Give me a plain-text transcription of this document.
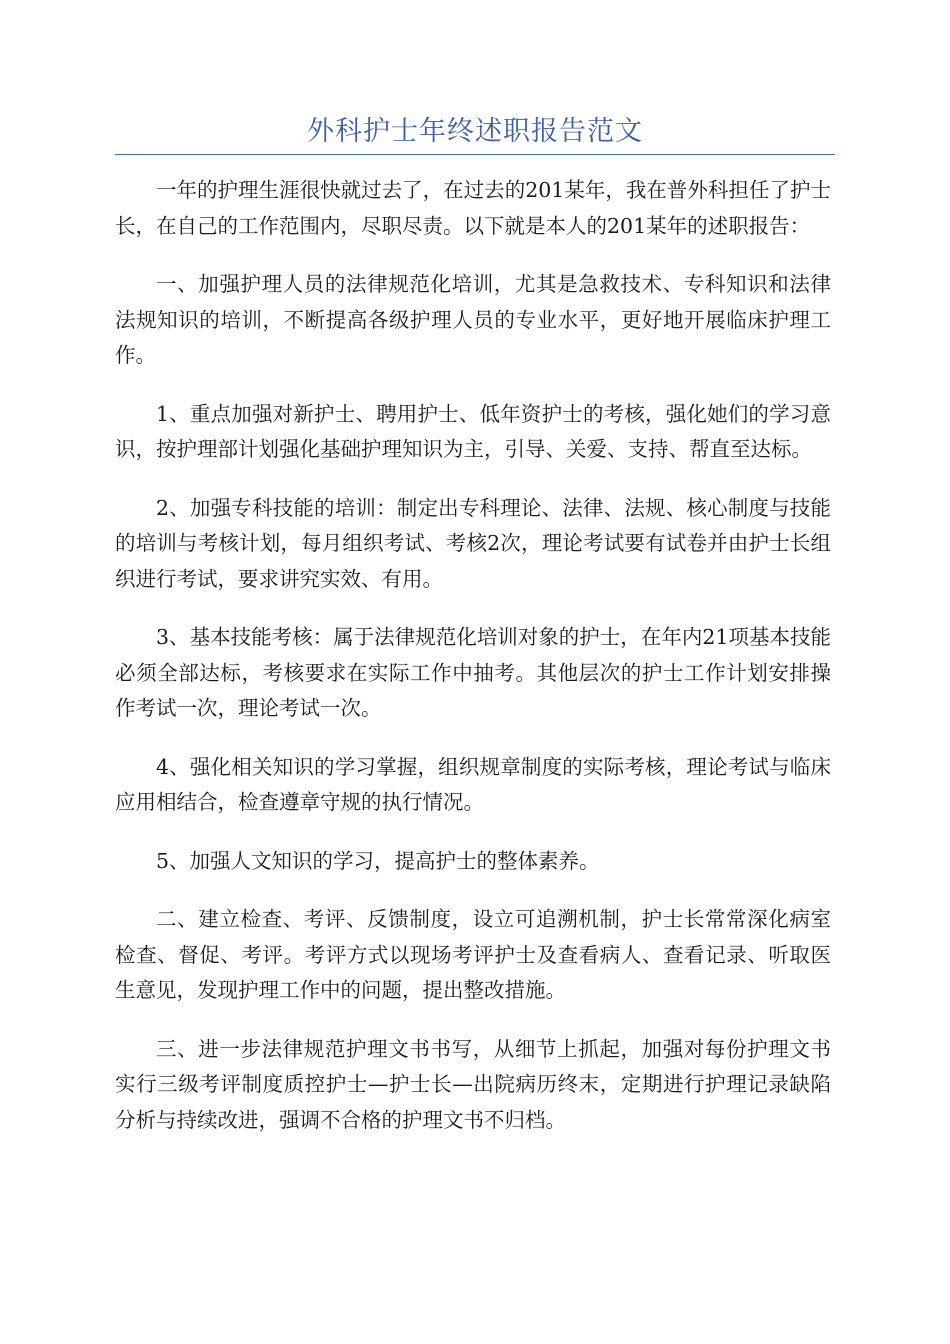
外科护士年终述职报告范文

一年的护理生涯很快就过去了，在过去的201某年，我在普外科担任了护士长，在自己的工作范围内，尽职尽责。以下就是本人的201某年的述职报告：

一、加强护理人员的法律规范化培训，尤其是急救技术、专科知识和法律法规知识的培训，不断提高各级护理人员的专业水平，更好地开展临床护理工作。

1、重点加强对新护士、聘用护士、低年资护士的考核，强化她们的学习意识，按护理部计划强化基础护理知识为主，引导、关爱、支持、帮直至达标。

2、加强专科技能的培训：制定出专科理论、法律、法规、核心制度与技能的培训与考核计划，每月组织考试、考核2次，理论考试要有试卷并由护士长组织进行考试，要求讲究实效、有用。

3、基本技能考核：属于法律规范化培训对象的护士，在年内21项基本技能必须全部达标，考核要求在实际工作中抽考。其他层次的护士工作计划安排操作考试一次，理论考试一次。

4、强化相关知识的学习掌握，组织规章制度的实际考核，理论考试与临床应用相结合，检查遵章守规的执行情况。

5、加强人文知识的学习，提高护士的整体素养。

二、建立检查、考评、反馈制度，设立可追溯机制，护士长常常深化病室检查、督促、考评。考评方式以现场考评护士及查看病人、查看记录、听取医生意见，发现护理工作中的问题，提出整改措施。

三、进一步法律规范护理文书书写，从细节上抓起，加强对每份护理文书实行三级考评制度质控护士—护士长—出院病历终末，定期进行护理记录缺陷分析与持续改进，强调不合格的护理文书不归档。
